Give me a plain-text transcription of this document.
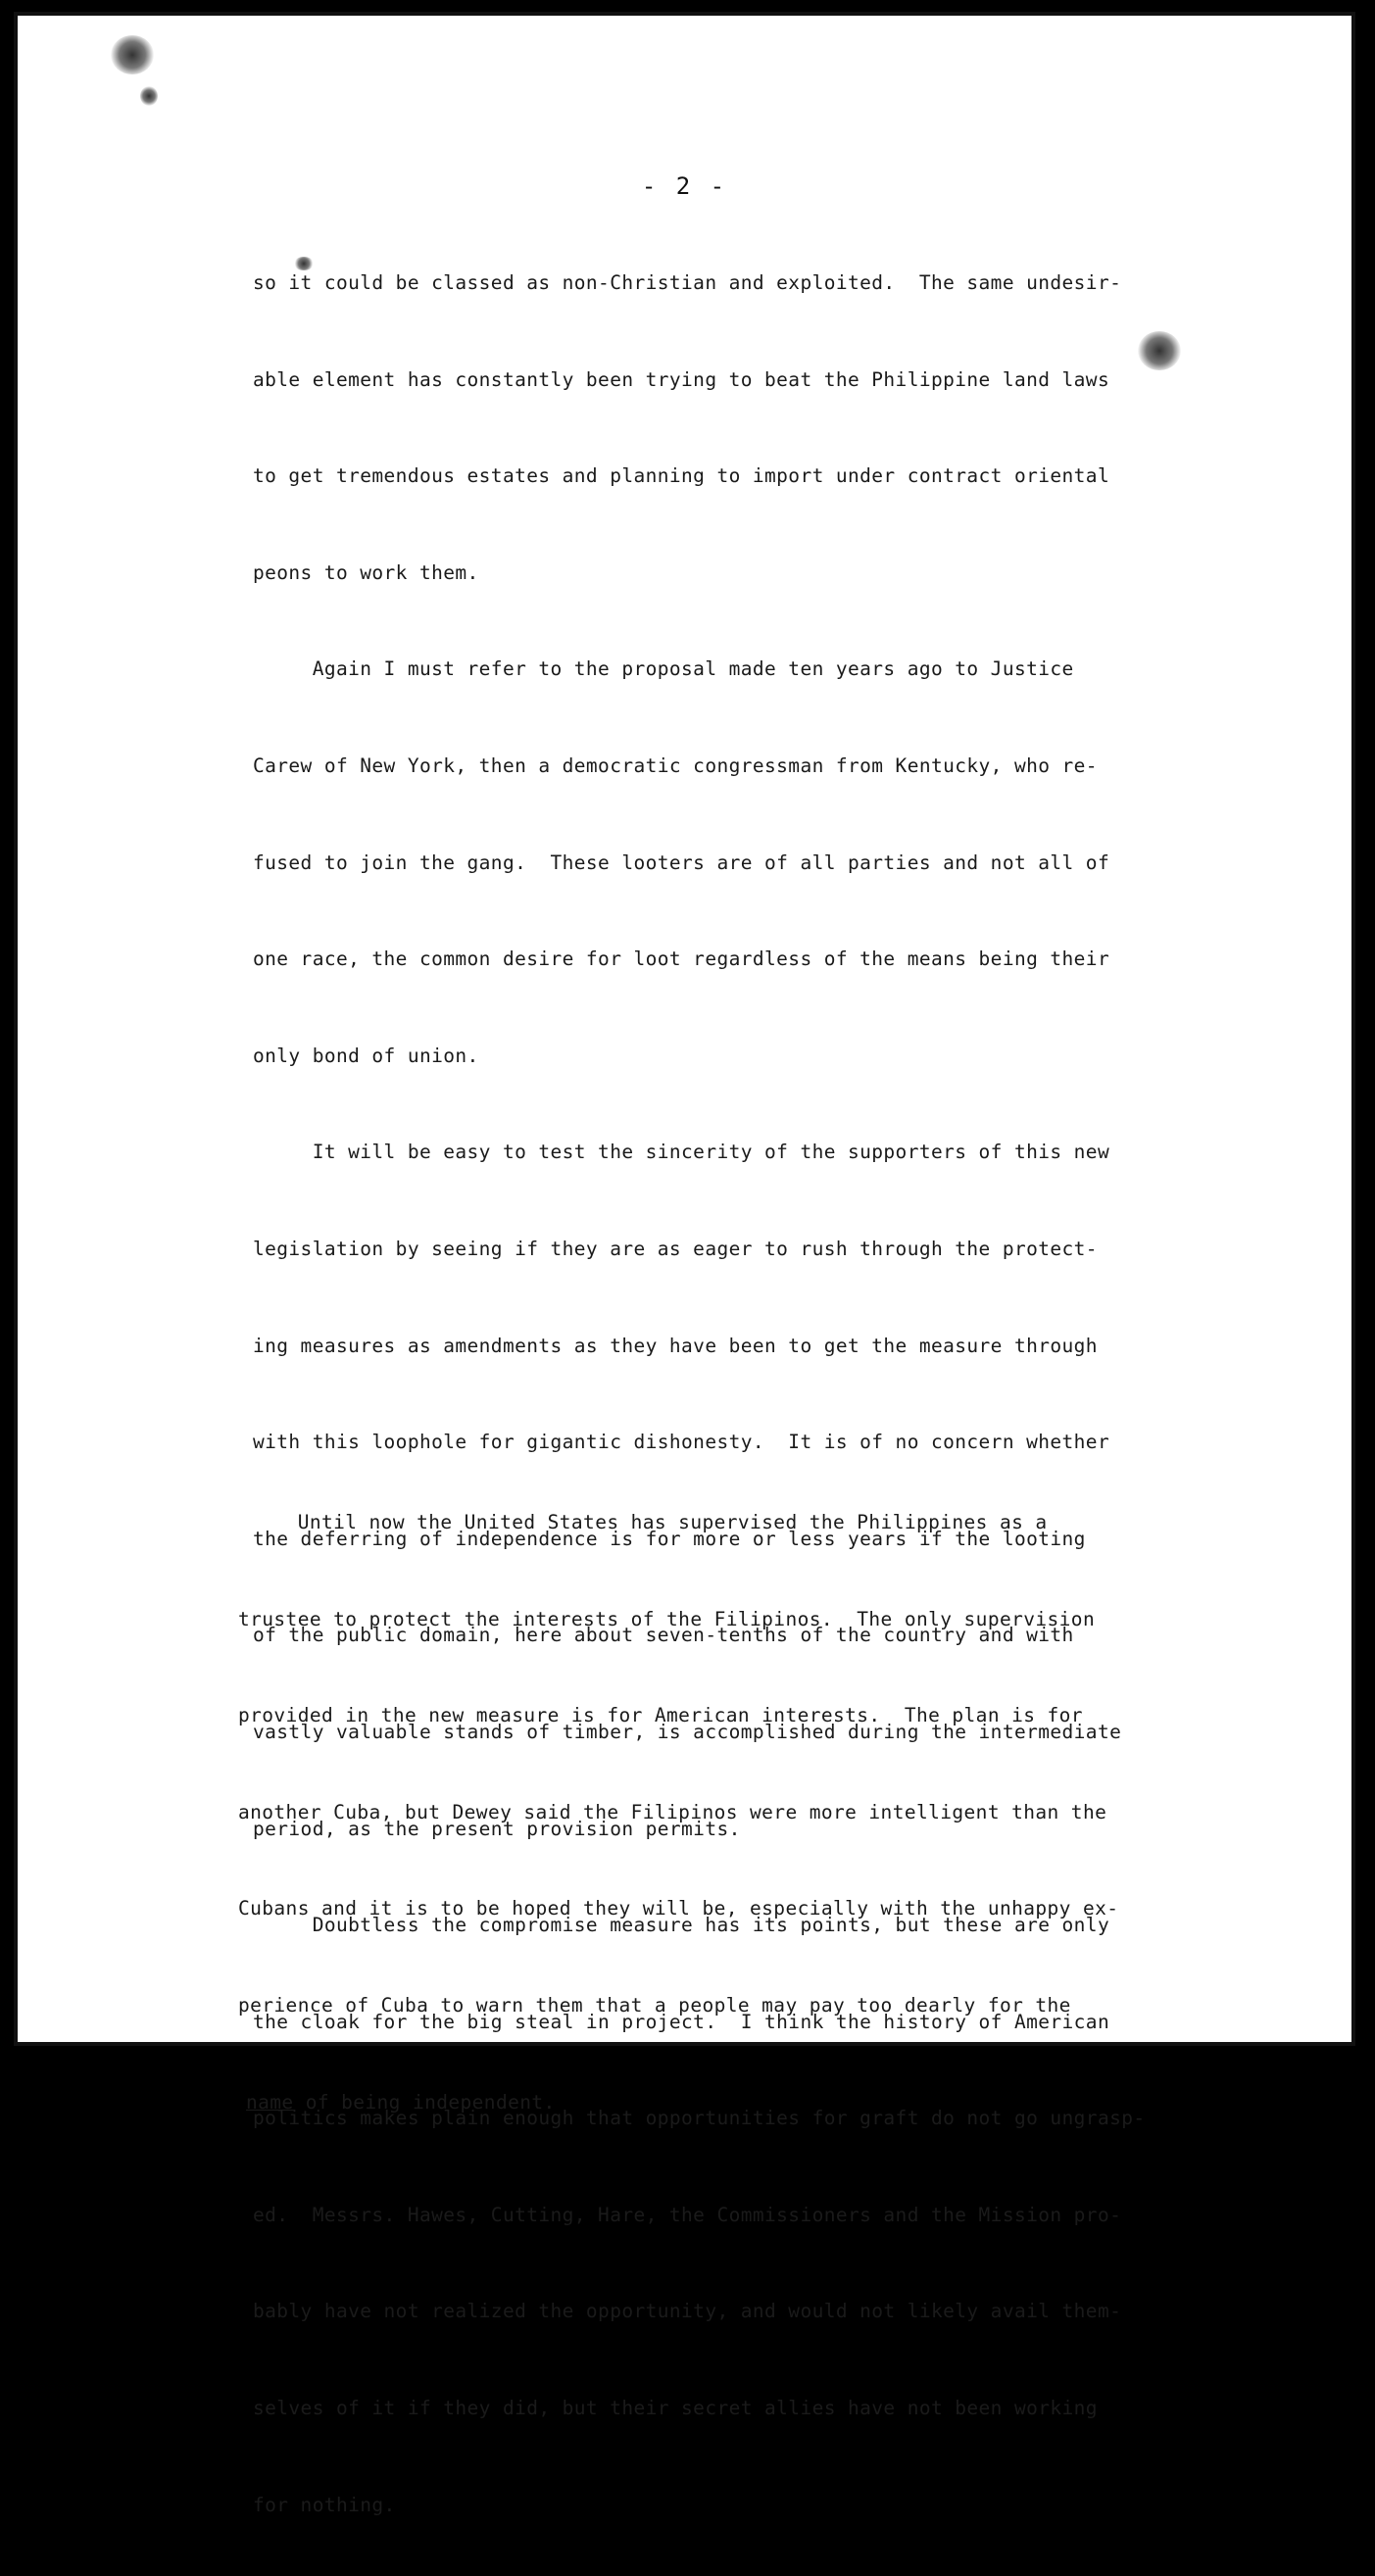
- 2 -

so it could be classed as non-Christian and exploited.  The same undesir-

able element has constantly been trying to beat the Philippine land laws

to get tremendous estates and planning to import under contract oriental

peons to work them.

Again I must refer to the proposal made ten years ago to Justice

Carew of New York, then a democratic congressman from Kentucky, who re-

fused to join the gang.  These looters are of all parties and not all of

one race, the common desire for loot regardless of the means being their

only bond of union.

It will be easy to test the sincerity of the supporters of this new

legislation by seeing if they are as eager to rush through the protect-

ing measures as amendments as they have been to get the measure through

with this loophole for gigantic dishonesty.  It is of no concern whether

the deferring of independence is for more or less years if the looting

of the public domain, here about seven-tenths of the country and with

vastly valuable stands of timber, is accomplished during the intermediate

period, as the present provision permits.

Doubtless the compromise measure has its points, but these are only

the cloak for the big steal in project.  I think the history of American

politics makes plain enough that opportunities for graft do not go ungrasp-

ed.  Messrs. Hawes, Cutting, Hare, the Commissioners and the Mission pro-

bably have not realized the opportunity, and would not likely avail them-

selves of it if they did, but their secret allies have not been working

for nothing.

Until now the United States has supervised the Philippines as a

trustee to protect the interests of the Filipinos.  The only supervision

provided in the new measure is for American interests.  The plan is for

another Cuba, but Dewey said the Filipinos were more intelligent than the

Cubans and it is to be hoped they will be, especially with the unhappy ex-

perience of Cuba to warn them that a people may pay too dearly for the

name of being independent.
